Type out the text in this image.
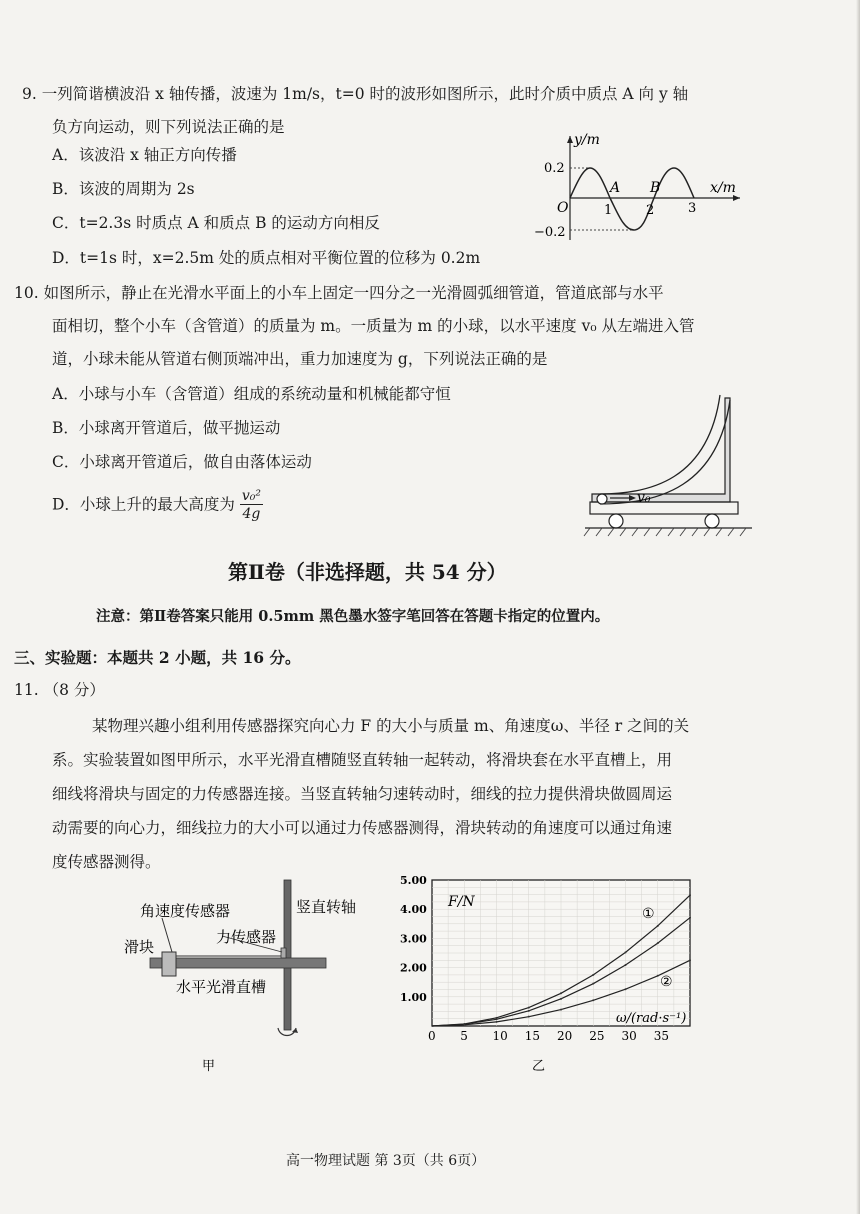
9. 一列简谐横波沿 x 轴传播，波速为 1m/s，t=0 时的波形如图所示，此时介质中质点 A 向 y 轴
负方向运动，则下列说法正确的是
A．该波沿 x 轴正方向传播
B．该波的周期为 2s
C．t=2.3s 时质点 A 和质点 B 的运动方向相反
D．t=1s 时，x=2.5m 处的质点相对平衡位置的位移为 0.2m
y/m
x/m
O
0.2
−0.2
1	2	3
A B
10. 如图所示，静止在光滑水平面上的小车上固定一四分之一光滑圆弧细管道，管道底部与水平
面相切，整个小车（含管道）的质量为 m。一质量为 m 的小球，以水平速度 v₀ 从左端进入管
道，小球未能从管道右侧顶端冲出，重力加速度为 g，下列说法正确的是
A．小球与小车（含管道）组成的系统动量和机械能都守恒
B．小球离开管道后，做平抛运动
C．小球离开管道后，做自由落体运动
D．小球上升的最大高度为 $\frac{\text{v₀²}}{4g}$	v₀
第Ⅱ卷（非选择题，共 54 分）
注意：第Ⅱ卷答案只能用 0.5mm 黑色墨水签字笔回答在答题卡指定的位置内。
三、实验题：本题共 2 小题，共 16 分。
11. （8 分）
某物理兴趣小组利用传感器探究向心力 F 的大小与质量 m、角速度ω、半径 r 之间的关
系。实验装置如图甲所示，水平光滑直槽随竖直转轴一起转动，将滑块套在水平直槽上，用
细线将滑块与固定的力传感器连接。当竖直转轴匀速转动时，细线的拉力提供滑块做圆周运
动需要的向心力，细线拉力的大小可以通过力传感器测得，滑块转动的角速度可以通过角速
度传感器测得。
角速度传感器	竖直转轴
力传感器
滑块
水平光滑直槽
甲
1.00
2.00
3.00
4.00
5.00
0 5 10 15 20 25 30 35
F/N
ω/(rad·s⁻¹)
①
②
乙
高一物理试题 第 3页（共 6页）
